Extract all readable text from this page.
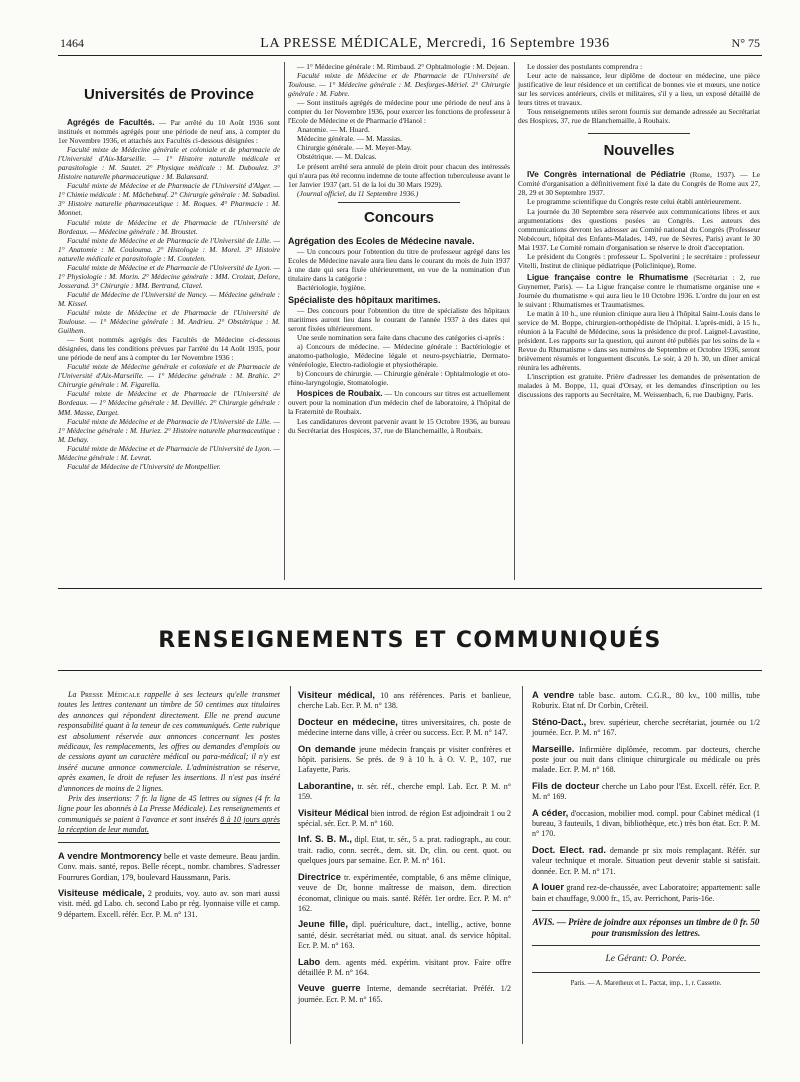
1464	LA PRESSE MÉDICALE, Mercredi, 16 Septembre 1936	N° 75
Universités de Province

Agrégés de Facultés. — Par arrêté du 10 Août 1936 sont institués et nommés agrégés pour une période de neuf ans, à compter du 1er Novembre 1936, et attachés aux Facultés ci-dessous désignées :

Faculté mixte de Médecine générale et coloniale et de pharmacie de l'Université d'Aix-Marseille. — 1° Histoire naturelle médicale et parasitologie : M. Sautet. 2° Physique médicale : M. Duboulez. 3° Histoire naturelle pharmaceutique : M. Balansard.

Faculté mixte de Médecine et de Pharmacie de l'Université d'Alger. — 1° Chimie médicale : M. Mâchebœuf. 2° Chirurgie générale : M. Sabadini. 3° Histoire naturelle pharmaceutique : M. Roques. 4° Pharmacie : M. Monnet.

Faculté mixte de Médecine et de Pharmacie de l'Université de Bordeaux. — Médecine générale : M. Broustet.

Faculté mixte de Médecine et de Pharmacie de l'Université de Lille. — 1° Anatomie : M. Coulouma. 2° Histologie : M. Morel. 3° Histoire naturelle médicale et parasitologie : M. Coutelen.

Faculté mixte de Médecine et de Pharmacie de l'Université de Lyon. — 1° Physiologie : M. Morin. 2° Médecine générale : MM. Croizat, Delore, Josserand. 3° Chirurgie : MM. Bertrand, Clavel.

Faculté de Médecine de l'Université de Nancy. — Médecine générale : M. Kissel.

Faculté mixte de Médecine et de Pharmacie de l'Université de Toulouse. — 1° Médecine générale : M. Andrieu. 2° Obstétrique : M. Guilhem.

— Sont nommés agrégés des Facultés de Médecine ci-dessous désignées, dans les conditions prévues par l'arrêté du 14 Août 1935, pour une période de neuf ans à compter du 1er Novembre 1936 :

Faculté mixte de Médecine générale et coloniale et de Pharmacie de l'Université d'Aix-Marseille. — 1° Médecine générale : M. Brahic. 2° Chirurgie générale : M. Figarella.

Faculté mixte de Médecine et de Pharmacie de l'Université de Bordeaux. — 1° Médecine générale : M. Devilléc. 2° Chirurgie générale : MM. Masse, Darget.

Faculté mixte de Médecine et de Pharmacie de l'Université de Lille. — 1° Médecine générale : M. Huriez. 2° Histoire naturelle pharmaceutique : M. Dehay.

Faculté mixte de Médecine et de Pharmacie de l'Université de Lyon. — Médecine générale : M. Levrat.

Faculté de Médecine de l'Université de Montpellier.

— 1° Médecine générale : M. Rimbaud. 2° Ophtalmologie : M. Dejean.

Faculté mixte de Médecine et de Pharmacie de l'Université de Toulouse. — 1° Médecine générale : M. Desforges-Mériel. 2° Chirurgie générale : M. Fabre.

— Sont institués agrégés de médecine pour une période de neuf ans à compter du 1er Novembre 1936, pour exercer les fonctions de professeur à l'Ecole de Médecine et de Pharmacie d'Hanoï :

Anatomie. — M. Huard.

Médecine générale. — M. Massias.

Chirurgie générale. — M. Meyer-May.

Obstétrique. — M. Dalcas.

Le présent arrêté sera annulé de plein droit pour chacun des intéressés qui n'aura pas été reconnu indemne de toute affection tuberculeuse avant le 1er Janvier 1937 (art. 51 de la loi du 30 Mars 1929).

(Journal officiel, du 11 Septembre 1936.)

Concours
Agrégation des Ecoles de Médecine navale.

— Un concours pour l'obtention du titre de professeur agrégé dans les Ecoles de Médecine navale aura lieu dans le courant du mois de Juin 1937 à une date qui sera fixée ultérieurement, en vue de la nomination d'un titulaire dans la catégorie :

Bactériologie, hygiène.

Spécialiste des hôpitaux maritimes.

— Des concours pour l'obtention du titre de spécialiste des hôpitaux maritimes auront lieu dans le courant de l'année 1937 à des dates qui seront fixées ultérieurement.

Une seule nomination sera faite dans chacune des catégories ci-après :

a) Concours de médecine. — Médecine générale : Bactériologie et anatomo-pathologie, Médecine légale et neuro-psychiatrie, Dermato-vénéréologie, Electro-radiologie et physiothérapie.

b) Concours de chirurgie. — Chirurgie générale : Ophtalmologie et oto-rhino-laryngologie, Stomatologie.

Hospices de Roubaix. — Un concours sur titres est actuellement ouvert pour la nomination d'un médecin chef de laboratoire, à l'hôpital de la Fraternité de Roubaix.

Les candidatures devront parvenir avant le 15 Octobre 1936, au bureau du Secrétariat des Hospices, 37, rue de Blanchemaille, à Roubaix.

Le dossier des postulants comprendra :

Leur acte de naissance, leur diplôme de docteur en médecine, une pièce justificative de leur résidence et un certificat de bonnes vie et mœurs, une notice sur les services antérieurs, civils et militaires, s'il y a lieu, un exposé détaillé de leurs titres et travaux.

Tous renseignements utiles seront fournis sur demande adressée au Secrétariat des Hospices, 37, rue de Blanchemaille, à Roubaix.

Nouvelles

IVe Congrès international de Pédiatrie (Rome, 1937). — Le Comité d'organisation a définitivement fixé la date du Congrès de Rome aux 27, 28, 29 et 30 Septembre 1937.

Le programme scientifique du Congrès reste celui établi antérieurement.

La journée du 30 Septembre sera réservée aux communications libres et aux argumentations des questions posées au Congrès. Les auteurs des communications devront les adresser au Comité national du Congrès (Professeur Nobécourt, hôpital des Enfants-Malades, 149, rue de Sèvres, Paris) avant le 30 Mai 1937. Le Comité romain d'organisation se réserve le droit d'acceptation.

Le président du Congrès : professeur L. Spolverini ; le secrétaire : professeur Vitelli, Institut de clinique pédiatrique (Policlinique), Rome.

Ligue française contre le Rhumatisme (Secrétariat : 2, rue Guynemer, Paris). — La Ligue française contre le rhumatisme organise une « Journée du rhumatisme » qui aura lieu le 10 Octobre 1936. L'ordre du jour en est le suivant : Rhumatismes et Traumatismes.

Le matin à 10 h., une réunion clinique aura lieu à l'hôpital Saint-Louis dans le service de M. Boppe, chirurgien-orthopédiste de l'hôpital. L'après-midi, à 15 h., réunion à la Faculté de Médecine, sous la présidence du prof. Laignel-Lavastine, président. Les rapports sur la question, qui auront été publiés par les soins de la « Revue du Rhumatisme » dans ses numéros de Septembre et Octobre 1936, seront brièvement résumés et longuement discutés. Le soir, à 20 h. 30, un dîner amical réunira les adhérents.

L'inscription est gratuite. Prière d'adresser les demandes de présentation de malades à M. Boppe, 11, quai d'Orsay, et les demandes d'inscription ou les discussions des rapports au Secrétaire, M. Weissenbach, 6, rue Daubigny, Paris.

RENSEIGNEMENTS ET COMMUNIQUÉS

La Presse Médicale rappelle à ses lecteurs qu'elle transmet toutes les lettres contenant un timbre de 50 centimes aux titulaires des annonces qui répondent directement. Elle ne prend aucune responsabilité quant à la teneur de ces communiqués. Cette rubrique est absolument réservée aux annonces concernant les postes médicaux, les remplacements, les offres ou demandes d'emplois ou de cessions ayant un caractère médical ou para-médical; il n'y est inséré aucune annonce commerciale. L'administration se réserve, après examen, le droit de refuser les insertions. Il n'est pas inséré d'annonces de moins de 2 lignes.

Prix des insertions: 7 fr. la ligne de 45 lettres ou signes (4 fr. la ligne pour les abonnés à La Presse Médicale). Les renseignements et communiqués se paient à l'avance et sont insérés 8 à 10 jours après la réception de leur mandat.

A vendre Montmorency belle et vaste demeure. Beau jardin. Conv. mais. santé, repos. Belle récept., nombr. chambres. S'adresser Fourrures Gordian, 179, boulevard Haussmann, Paris.
Visiteuse médicale, 2 produits, voy. auto av. son mari aussi visit. méd. gd Labo. ch. second Labo pr rég. lyonnaise ville et camp. 9 départem. Excell. référ. Ecr. P. M. n° 131.
Visiteur médical, 10 ans références. Paris et banlieue, cherche Lab. Ecr. P. M. n° 138.
Docteur en médecine, titres universitaires, ch. poste de médecine interne dans ville, à créer ou success. Ecr. P. M. n° 147.
On demande jeune médecin français pr visiter confrères et hôpit. parisiens. Se prés. de 9 à 10 h. à O. V. P., 107, rue Lafayette, Paris.
Laborantine, tr. sér. réf., cherche empl. Lab. Ecr. P. M. n° 159.
Visiteur Médical bien introd. de région Est adjoindrait 1 ou 2 spécial. sér. Ecr. P. M. n° 160.
Inf. S. B. M., dipl. Etat, tr. sér., 5 a. prat. radiograph., au cour. trait. radio, conn. secrét., dem. sit. Dr, clin. ou cent. quot. ou quelques jours par semaine. Ecr. P. M. n° 161.
Directrice tr. expérimentée, comptable, 6 ans même clinique, veuve de Dr, bonne maîtresse de maison, dem. direction économat, clinique ou mais. santé. Référ. 1er ordre. Ecr. P. M. n° 162.
Jeune fille, dipl. puériculture, dact., intellig., active, bonne santé, désir. secrétariat méd. ou situat. anal. ds service hôpital. Ecr. P. M. n° 163.
Labo dem. agents méd. expérim. visitant prov. Faire offre détaillée P. M. n° 164.
Veuve guerre Interne, demande secrétariat. Préfér. 1/2 journée. Ecr. P. M. n° 165.
A vendre table basc. autom. C.G.R., 80 kv., 100 millis, tube Roburix. Etat nf. Dr Corbin, Crêteil.
Sténo-Dact., brev. supérieur, cherche secrétariat, journée ou 1/2 journée. Ecr. P. M. n° 167.
Marseille. Infirmière diplômée, recomm. par docteurs, cherche poste jour ou nuit dans clinique chirurgicale ou médicale ou près malade. Ecr. P. M. n° 168.
Fils de docteur cherche un Labo pour l'Est. Excell. référ. Ecr. P. M. n° 169.
A céder, d'occasion, mobilier mod. compl. pour Cabinet médical (1 bureau, 3 fauteuils, 1 divan, bibliothèque, etc.) très bon état. Ecr. P. M. n° 170.
Doct. Elect. rad. demande pr six mois remplaçant. Référ. sur valeur technique et morale. Situation peut devenir stable si satisfait. donnée. Ecr. P. M. n° 171.
A louer grand rez-de-chaussée, avec Laboratoire; appartement: salle bain et chauffage, 9.000 fr., 15, av. Perrichont, Paris-16e.
AVIS. — Prière de joindre aux réponses un timbre de 0 fr. 50 pour transmission des lettres.
Le Gérant: O. Porée.
Paris. — A. Maretheux et L. Pactat, imp., 1, r. Cassette.
